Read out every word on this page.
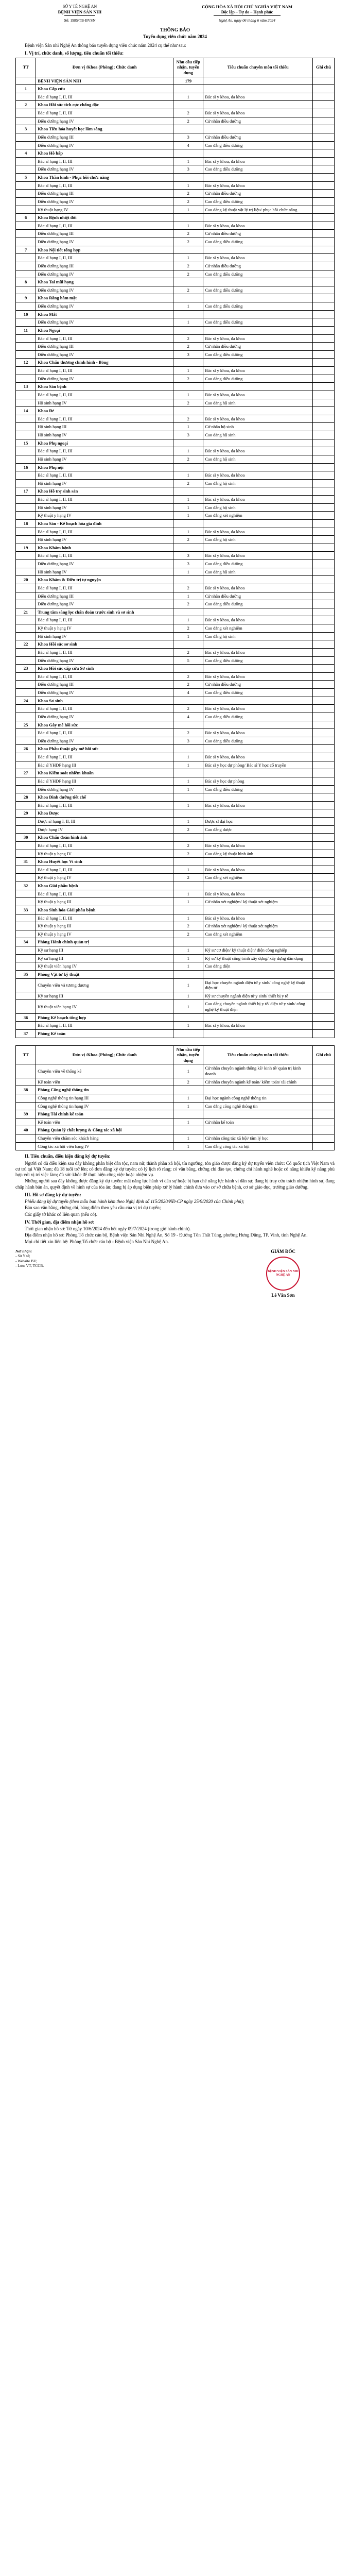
SỞ Y TẾ NGHỆ AN
BỆNH VIỆN SẢN NHI
Số: 1985/TB-BVSN
CỘNG HÒA XÃ HỘI CHỦ NGHĨA VIỆT NAM
Độc lập – Tự do – Hạnh phúc
Nghệ An, ngày 06 tháng 6 năm 2024
THÔNG BÁO
Tuyển dụng viên chức năm 2024
Bệnh viện Sản nhi Nghệ An thông báo tuyển dụng viên chức năm 2024 cụ thể như sau:
I. Vị trí, chức danh, số lượng, tiêu chuẩn tối thiểu:
TT	Đơn vị /Khoa (Phòng); Chức danh	Nhu cầu tiếp nhận, tuyển dụng	Tiêu chuẩn chuyên môn tối thiểu	Ghi chú
	BỆNH VIỆN SẢN NHI	179		
1	Khoa Cấp cứu			
	Bác sĩ hạng I, II, III	1	Bác sĩ y khoa, đa khoa	
2	Khoa Hồi sức tích cực chống độc			
	Bác sĩ hạng I, II, III	2	Bác sĩ y khoa, đa khoa	
	Điều dưỡng hạng IV	2	Cử nhân điều dưỡng	
3	Khoa Tiêu hóa huyết học lâm sàng			
	Điều dưỡng hạng III	3	Cử nhân điều dưỡng	
	Điều dưỡng hạng IV	4	Cao đẳng điều dưỡng	
4	Khoa Hô hấp			
	Bác sĩ hạng I, II, III	1	Bác sĩ y khoa, đa khoa	
	Điều dưỡng hạng IV	3	Cao đẳng điều dưỡng	
5	Khoa Thần kinh - Phục hồi chức năng			
	Bác sĩ hạng I, II, III	1	Bác sĩ y khoa, đa khoa	
	Điều dưỡng hạng III	2	Cử nhân điều dưỡng	
	Điều dưỡng hạng IV	2	Cao đẳng điều dưỡng	
	Kỹ thuật hạng IV	1	Cao đẳng kỹ thuật vật lý trị liệu/ phục hồi chức năng	
6	Khoa Bệnh nhiệt đới			
	Bác sĩ hạng I, II, III	1	Bác sĩ y khoa, đa khoa	
	Điều dưỡng hạng III	2	Cử nhân điều dưỡng	
	Điều dưỡng hạng IV	2	Cao đẳng điều dưỡng	
7	Khoa Nội tiết tổng hợp			
	Bác sĩ hạng I, II, III	1	Bác sĩ y khoa, đa khoa	
	Điều dưỡng hạng III	2	Cử nhân điều dưỡng	
	Điều dưỡng hạng IV	2	Cao đẳng điều dưỡng	
8	Khoa Tai mũi họng			
	Điều dưỡng hạng IV	2	Cao đẳng điều dưỡng	
9	Khoa Răng hàm mặt			
	Điều dưỡng hạng IV	1	Cao đẳng điều dưỡng	
10	Khoa Mắt			
	Điều dưỡng hạng IV	1	Cao đẳng điều dưỡng	
11	Khoa Ngoại			
	Bác sĩ hạng I, II, III	2	Bác sĩ y khoa, đa khoa	
	Điều dưỡng hạng III	2	Cử nhân điều dưỡng	
	Điều dưỡng hạng IV	3	Cao đẳng điều dưỡng	
12	Khoa Chấn thương chỉnh hình - Bỏng			
	Bác sĩ hạng I, II, III	1	Bác sĩ y khoa, đa khoa	
	Điều dưỡng hạng IV	2	Cao đẳng điều dưỡng	
13	Khoa Sản bệnh			
	Bác sĩ hạng I, II, III	1	Bác sĩ y khoa, đa khoa	
	Hộ sinh hạng IV	2	Cao đẳng hộ sinh	
14	Khoa Đẻ			
	Bác sĩ hạng I, II, III	2	Bác sĩ y khoa, đa khoa	
	Hộ sinh hạng III	1	Cử nhân hộ sinh	
	Hộ sinh hạng IV	3	Cao đẳng hộ sinh	
15	Khoa Phụ ngoại			
	Bác sĩ hạng I, II, III	1	Bác sĩ y khoa, đa khoa	
	Hộ sinh hạng IV	2	Cao đẳng hộ sinh	
16	Khoa Phụ nội			
	Bác sĩ hạng I, II, III	1	Bác sĩ y khoa, đa khoa	
	Hộ sinh hạng IV	2	Cao đẳng hộ sinh	
17	Khoa Hỗ trợ sinh sản			
	Bác sĩ hạng I, II, III	1	Bác sĩ y khoa, đa khoa	
	Hộ sinh hạng IV	1	Cao đẳng hộ sinh	
	Kỹ thuật y hạng IV	1	Cao đẳng xét nghiệm	
18	Khoa Sản - Kế hoạch hóa gia đình			
	Bác sĩ hạng I, II, III	1	Bác sĩ y khoa, đa khoa	
	Hộ sinh hạng IV	2	Cao đẳng hộ sinh	
19	Khoa Khám bệnh			
	Bác sĩ hạng I, II, III	3	Bác sĩ y khoa, đa khoa	
	Điều dưỡng hạng IV	3	Cao đẳng điều dưỡng	
	Hộ sinh hạng IV	1	Cao đẳng hộ sinh	
20	Khoa Khám & Điều trị tự nguyện			
	Bác sĩ hạng I, II, III	2	Bác sĩ y khoa, đa khoa	
	Điều dưỡng hạng III	1	Cử nhân điều dưỡng	
	Điều dưỡng hạng IV	2	Cao đẳng điều dưỡng	
21	Trung tâm sàng lọc chẩn đoán trước sinh và sơ sinh			
	Bác sĩ hạng I, II, III	1	Bác sĩ y khoa, đa khoa	
	Kỹ thuật y hạng IV	2	Cao đẳng xét nghiệm	
	Hộ sinh hạng IV	1	Cao đẳng hộ sinh	
22	Khoa Hồi sức sơ sinh			
	Bác sĩ hạng I, II, III	2	Bác sĩ y khoa, đa khoa	
	Điều dưỡng hạng IV	5	Cao đẳng điều dưỡng	
23	Khoa Hồi sức cấp cứu Sơ sinh			
	Bác sĩ hạng I, II, III	2	Bác sĩ y khoa, đa khoa	
	Điều dưỡng hạng III	2	Cử nhân điều dưỡng	
	Điều dưỡng hạng IV	4	Cao đẳng điều dưỡng	
24	Khoa Sơ sinh			
	Bác sĩ hạng I, II, III	2	Bác sĩ y khoa, đa khoa	
	Điều dưỡng hạng IV	4	Cao đẳng điều dưỡng	
25	Khoa Gây mê hồi sức			
	Bác sĩ hạng I, II, III	2	Bác sĩ y khoa, đa khoa	
	Điều dưỡng hạng IV	3	Cao đẳng điều dưỡng	
26	Khoa Phẫu thuật gây mê hồi sức			
	Bác sĩ hạng I, II, III	1	Bác sĩ y khoa, đa khoa	
	Bác sĩ YHDP hạng III	1	Bác sĩ y học dự phòng/ Bác sĩ Y học cổ truyền	
27	Khoa Kiểm soát nhiễm khuẩn			
	Bác sĩ YHDP hạng III	1	Bác sĩ y học dự phòng	
	Điều dưỡng hạng IV	1	Cao đẳng điều dưỡng	
28	Khoa Dinh dưỡng tiết chế			
	Bác sĩ hạng I, II, III	1	Bác sĩ y khoa, đa khoa	
29	Khoa Dược			
	Dược sĩ hạng I, II, III	1	Dược sĩ đại học	
	Dược hạng IV	2	Cao đẳng dược	
30	Khoa Chẩn đoán hình ảnh			
	Bác sĩ hạng I, II, III	2	Bác sĩ y khoa, đa khoa	
	Kỹ thuật y hạng IV	2	Cao đẳng kỹ thuật hình ảnh	
31	Khoa Huyết học Vi sinh			
	Bác sĩ hạng I, II, III	1	Bác sĩ y khoa, đa khoa	
	Kỹ thuật y hạng IV	2	Cao đẳng xét nghiệm	
32	Khoa Giải phẫu bệnh			
	Bác sĩ hạng I, II, III	1	Bác sĩ y khoa, đa khoa	
	Kỹ thuật y hạng III	1	Cử nhân xét nghiệm/ kỹ thuật xét nghiệm	
33	Khoa Sinh hóa Giải phẫu bệnh			
	Bác sĩ hạng I, II, III	1	Bác sĩ y khoa, đa khoa	
	Kỹ thuật y hạng III	2	Cử nhân xét nghiệm/ kỹ thuật xét nghiệm	
	Kỹ thuật y hạng IV	2	Cao đẳng xét nghiệm	
34	Phòng Hành chính quản trị			
	Kỹ sư hạng III	1	Kỹ sư cơ điện/ kỹ thuật điện/ điện công nghiệp	
	Kỹ sư hạng III	1	Kỹ sư kỹ thuật công trình xây dựng/ xây dựng dân dụng	
	Kỹ thuật viên hạng IV	1	Cao đẳng điện	
35	Phòng Vật tư kỹ thuật			
	Chuyên viên và tương đương	1	Đại học chuyên ngành điện tử y sinh/ công nghệ kỹ thuật điện tử	
	Kỹ sư hạng III	1	Kỹ sư chuyên ngành điện tử y sinh/ thiết bị y tế	
	Kỹ thuật viên hạng IV	1	Cao đẳng chuyên ngành thiết bị y tế/ điện tử y sinh/ công nghệ kỹ thuật điện	
36	Phòng Kế hoạch tổng hợp			
	Bác sĩ hạng I, II, III	1	Bác sĩ y khoa, đa khoa	
37	Phòng Kế toán			
TT	Đơn vị /Khoa (Phòng); Chức danh	Nhu cầu tiếp nhận, tuyển dụng	Tiêu chuẩn chuyên môn tối thiểu	Ghi chú
	Chuyên viên về thống kê	1	Cử nhân chuyên ngành thống kê/ kinh tế/ quản trị kinh doanh	
	Kế toán viên	2	Cử nhân chuyên ngành kế toán/ kiểm toán/ tài chính	
38	Phòng Công nghệ thông tin			
	Công nghệ thông tin hạng III	1	Đại học ngành công nghệ thông tin	
	Công nghệ thông tin hạng IV	1	Cao đẳng công nghệ thông tin	
39	Phòng Tài chính kế toán			
	Kế toán viên	1	Cử nhân kế toán	
40	Phòng Quản lý chất lượng & Công tác xã hội			
	Chuyên viên chăm sóc khách hàng	1	Cử nhân công tác xã hội/ tâm lý học	
	Công tác xã hội viên hạng IV	1	Cao đẳng công tác xã hội	
II. Tiêu chuẩn, điều kiện đăng ký dự tuyển:
Người có đủ điều kiện sau đây không phân biệt dân tộc, nam nữ, thành phần xã hội, tín ngưỡng, tôn giáo được đăng ký dự tuyển viên chức: Có quốc tịch Việt Nam và cư trú tại Việt Nam; đủ 18 tuổi trở lên; có đơn đăng ký dự tuyển; có lý lịch rõ ràng; có văn bằng, chứng chỉ đào tạo, chứng chỉ hành nghề hoặc có năng khiếu kỹ năng phù hợp với vị trí việc làm; đủ sức khỏe để thực hiện công việc hoặc nhiệm vụ.
Những người sau đây không được đăng ký dự tuyển: mất năng lực hành vi dân sự hoặc bị hạn chế năng lực hành vi dân sự; đang bị truy cứu trách nhiệm hình sự, đang chấp hành bản án, quyết định về hình sự của tòa án; đang bị áp dụng biện pháp xử lý hành chính đưa vào cơ sở chữa bệnh, cơ sở giáo dục, trường giáo dưỡng.
III. Hồ sơ đăng ký dự tuyển:
Phiếu đăng ký dự tuyển (theo mẫu ban hành kèm theo Nghị định số 115/2020/NĐ-CP ngày 25/9/2020 của Chính phủ);
Bản sao văn bằng, chứng chỉ, bảng điểm theo yêu cầu của vị trí dự tuyển;
Các giấy tờ khác có liên quan (nếu có).
IV. Thời gian, địa điểm nhận hồ sơ:
Thời gian nhận hồ sơ: Từ ngày 10/6/2024 đến hết ngày 09/7/2024 (trong giờ hành chính).
Địa điểm nhận hồ sơ: Phòng Tổ chức cán bộ, Bệnh viện Sản Nhi Nghệ An, Số 19 - Đường Tôn Thất Tùng, phường Hưng Dũng, TP. Vinh, tỉnh Nghệ An.
Mọi chi tiết xin liên hệ: Phòng Tổ chức cán bộ - Bệnh viện Sản Nhi Nghệ An.
Nơi nhận:
- Sở Y tế;
- Website BV;
- Lưu: VT, TCCB.
GIÁM ĐỐC
BỆNH VIỆN SẢN NHI NGHỆ AN
Lê Văn Sơn
